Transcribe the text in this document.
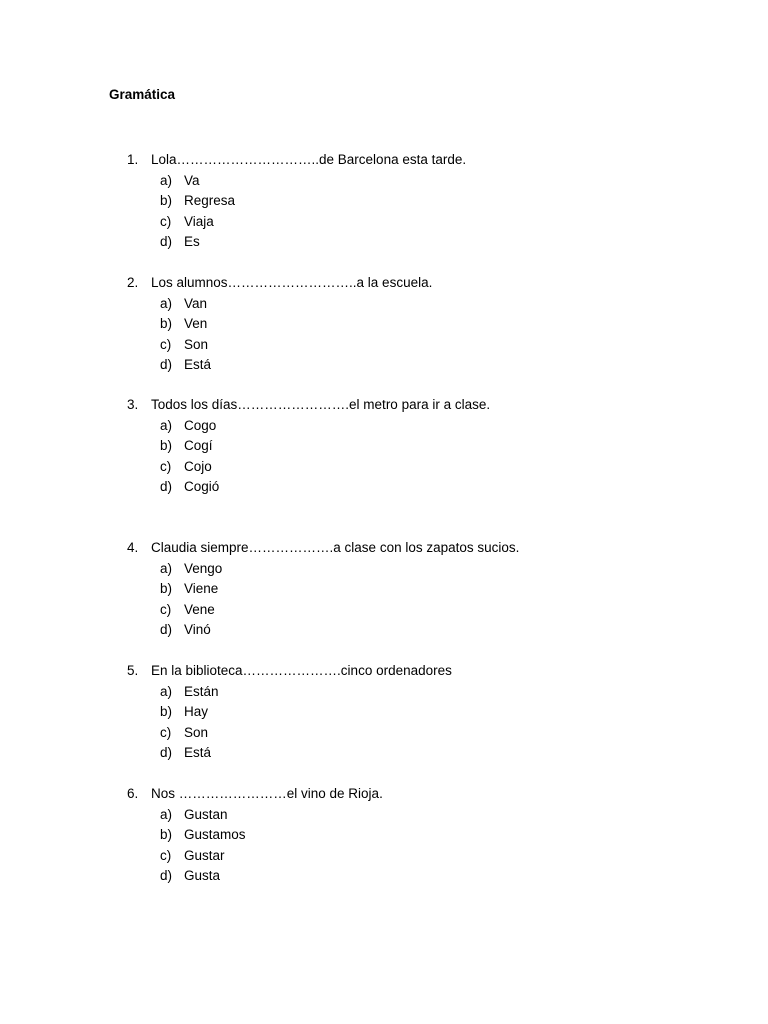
Gramática
1. Lola…………………………..de Barcelona esta tarde.
a) Va
b) Regresa
c) Viaja
d) Es
2. Los alumnos………………………..a la escuela.
a) Van
b) Ven
c) Son
d) Está
3. Todos los días…………………….el metro para ir a clase.
a) Cogo
b) Cogí
c) Cojo
d) Cogió
4. Claudia siempre……………….a clase con los zapatos sucios.
a) Vengo
b) Viene
c) Vene
d) Vinó
5. En la biblioteca………………….cinco ordenadores
a) Están
b) Hay
c) Son
d) Está
6. Nos ……………………el vino de Rioja.
a) Gustan
b) Gustamos
c) Gustar
d) Gusta
